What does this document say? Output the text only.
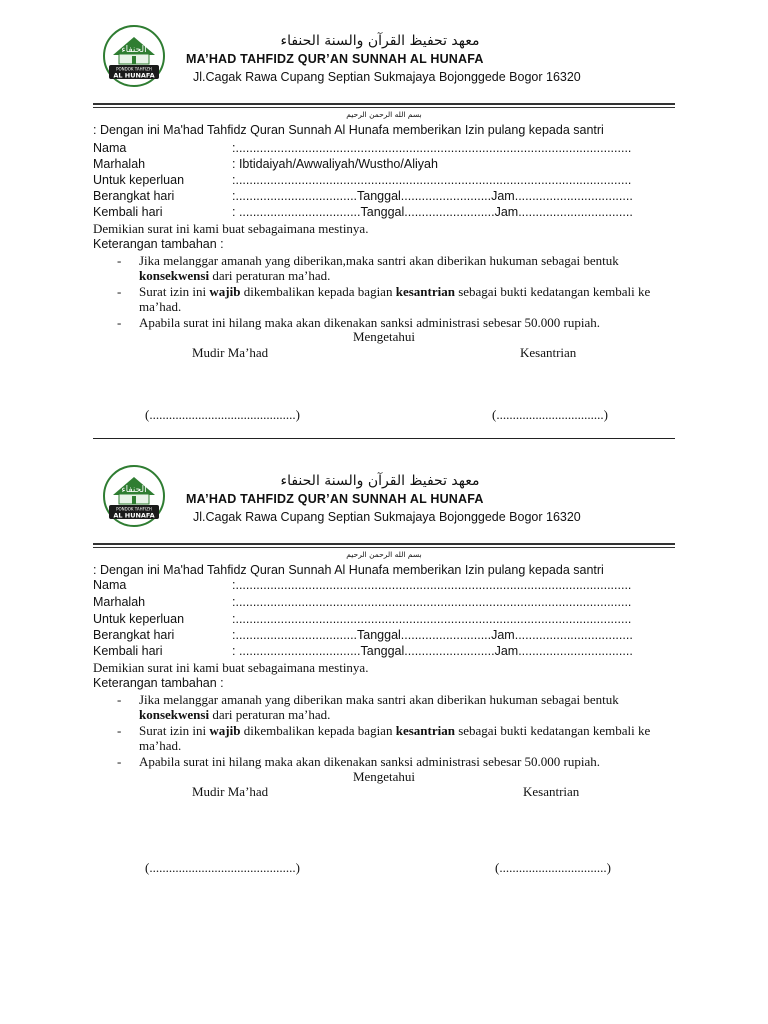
الحنفاء
PONDOK TAHFIZH
AL HUNAFA
معهد تحفيظ القرآن والسنة الحنفاء
MA’HAD TAHFIDZ QUR’AN SUNNAH AL HUNAFA
Jl.Cagak Rawa Cupang Septian Sukmajaya Bojonggede Bogor 16320
بسم الله الرحمن الرحيم
: Dengan ini Ma'had Tahfidz Quran Sunnah Al Hunafa memberikan Izin pulang kepada santri
Nama	:..................................................................................................................
Marhalah	: Ibtidaiyah/Awwaliyah/Wustho/Aliyah
Untuk keperluan	:..................................................................................................................
Berangkat hari	:...................................Tanggal..........................Jam..................................
Kembali hari	: ...................................Tanggal..........................Jam.................................
Demikian surat ini kami buat sebagaimana mestinya.
Keterangan tambahan :
- Jika melanggar amanah yang diberikan,maka santri akan diberikan hukuman sebagai bentuk konsekwensi dari peraturan ma’had.
- Surat izin ini wajib dikembalikan kepada bagian kesantrian sebagai bukti kedatangan kembali ke ma’had.
- Apabila surat ini hilang maka akan dikenakan sanksi administrasi sebesar 50.000 rupiah.
Mengetahui
Mudir Ma’had	Kesantrian
(.............................................)	(.................................)
الحنفاء
PONDOK TAHFIZH
AL HUNAFA
معهد تحفيظ القرآن والسنة الحنفاء
MA’HAD TAHFIDZ QUR’AN SUNNAH AL HUNAFA
Jl.Cagak Rawa Cupang Septian Sukmajaya Bojonggede Bogor 16320
بسم الله الرحمن الرحيم
: Dengan ini Ma'had Tahfidz Quran Sunnah Al Hunafa memberikan Izin pulang kepada santri
Nama	:..................................................................................................................
Marhalah	:..................................................................................................................
Untuk keperluan	:..................................................................................................................
Berangkat hari	:...................................Tanggal..........................Jam..................................
Kembali hari	: ...................................Tanggal..........................Jam.................................
Demikian surat ini kami buat sebagaimana mestinya.
Keterangan tambahan :
- Jika melanggar amanah yang diberikan maka santri akan diberikan hukuman sebagai bentuk konsekwensi dari peraturan ma’had.
- Surat izin ini wajib dikembalikan kepada bagian kesantrian sebagai bukti kedatangan kembali ke ma’had.
- Apabila surat ini hilang maka akan dikenakan sanksi administrasi sebesar 50.000 rupiah.
Mengetahui
Mudir Ma’had	Kesantrian
(.............................................)	(.................................)
